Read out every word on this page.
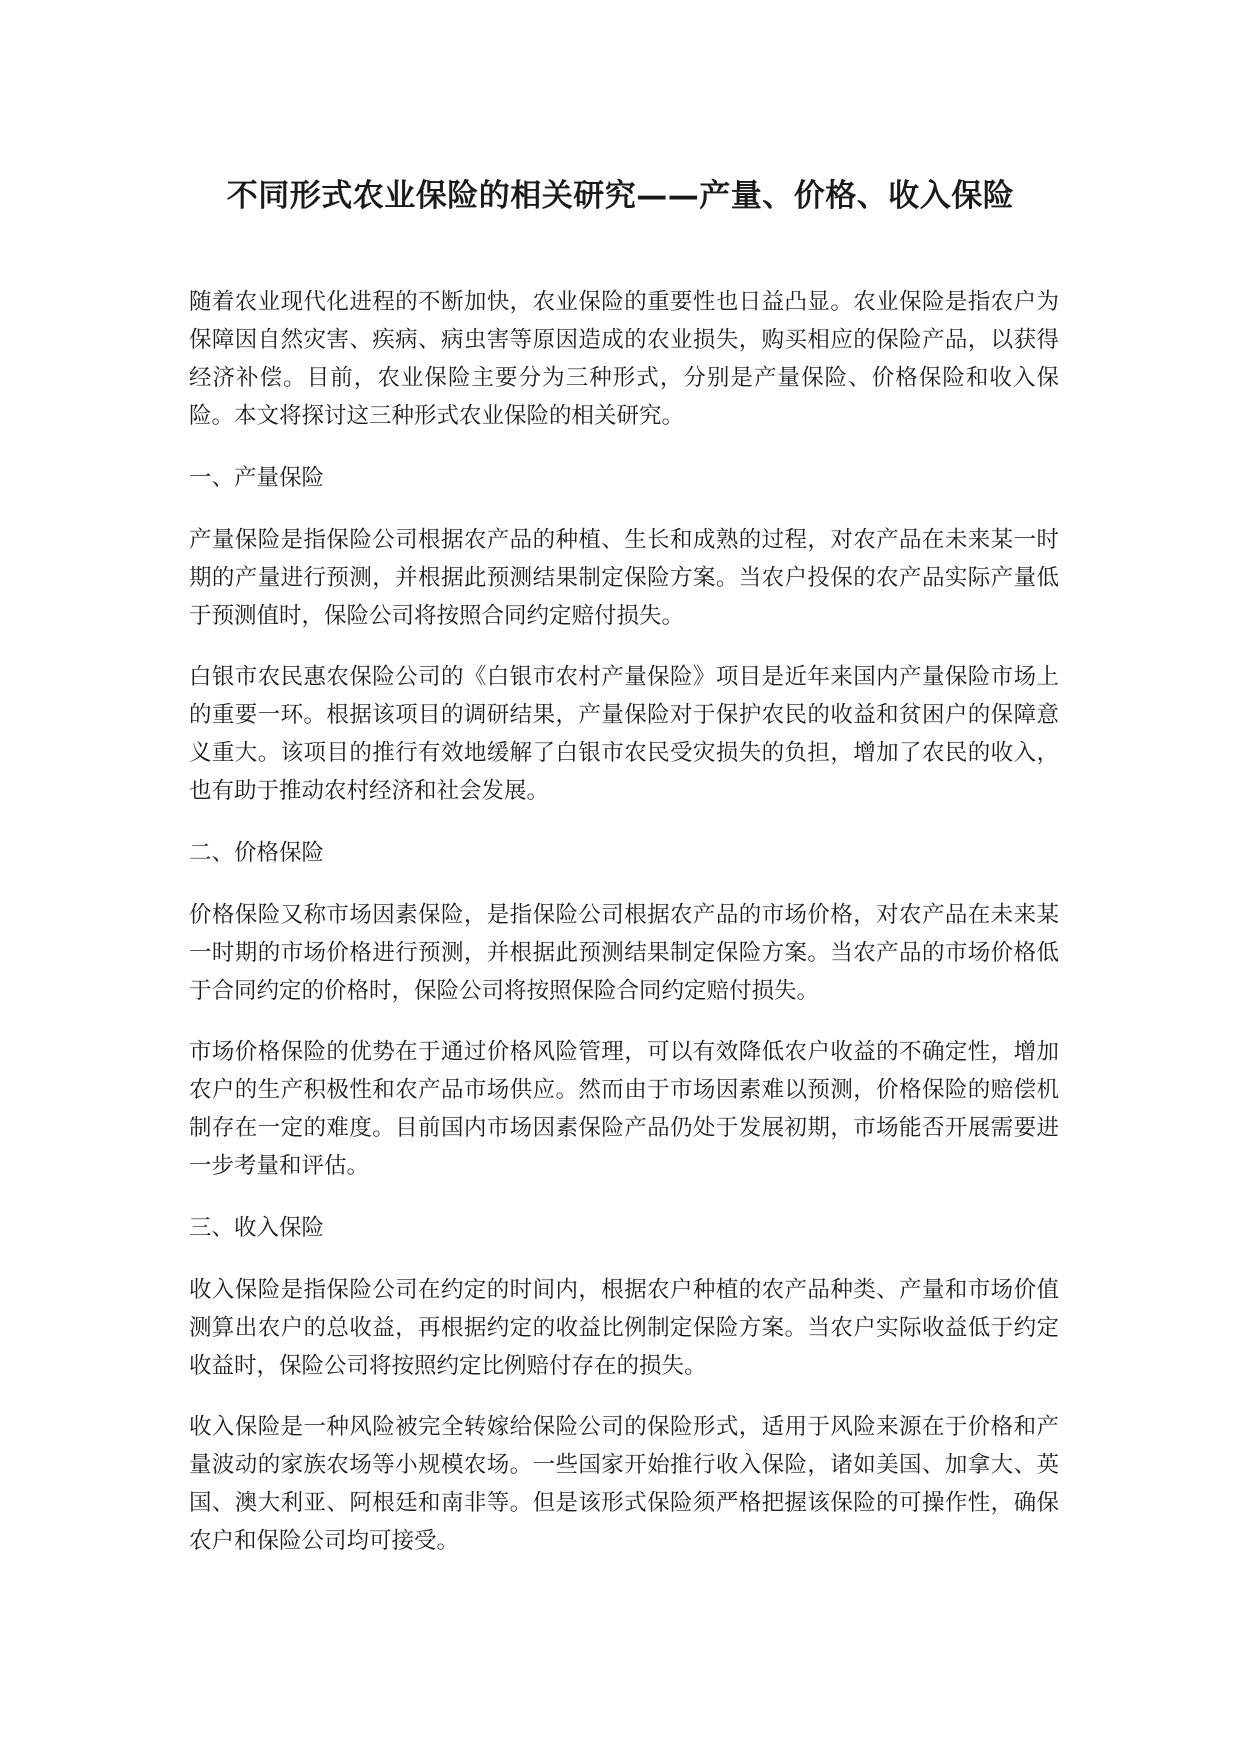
不同形式农业保险的相关研究——产量、价格、收入保险

随着农业现代化进程的不断加快，农业保险的重要性也日益凸显。农业保险是指农户为保障因自然灾害、疾病、病虫害等原因造成的农业损失，购买相应的保险产品，以获得经济补偿。目前，农业保险主要分为三种形式，分别是产量保险、价格保险和收入保险。本文将探讨这三种形式农业保险的相关研究。

一、产量保险

产量保险是指保险公司根据农产品的种植、生长和成熟的过程，对农产品在未来某一时期的产量进行预测，并根据此预测结果制定保险方案。当农户投保的农产品实际产量低于预测值时，保险公司将按照合同约定赔付损失。

白银市农民惠农保险公司的《白银市农村产量保险》项目是近年来国内产量保险市场上的重要一环。根据该项目的调研结果，产量保险对于保护农民的收益和贫困户的保障意义重大。该项目的推行有效地缓解了白银市农民受灾损失的负担，增加了农民的收入，也有助于推动农村经济和社会发展。

二、价格保险

价格保险又称市场因素保险，是指保险公司根据农产品的市场价格，对农产品在未来某一时期的市场价格进行预测，并根据此预测结果制定保险方案。当农产品的市场价格低于合同约定的价格时，保险公司将按照保险合同约定赔付损失。

市场价格保险的优势在于通过价格风险管理，可以有效降低农户收益的不确定性，增加农户的生产积极性和农产品市场供应。然而由于市场因素难以预测，价格保险的赔偿机制存在一定的难度。目前国内市场因素保险产品仍处于发展初期，市场能否开展需要进一步考量和评估。

三、收入保险

收入保险是指保险公司在约定的时间内，根据农户种植的农产品种类、产量和市场价值测算出农户的总收益，再根据约定的收益比例制定保险方案。当农户实际收益低于约定收益时，保险公司将按照约定比例赔付存在的损失。

收入保险是一种风险被完全转嫁给保险公司的保险形式，适用于风险来源在于价格和产量波动的家族农场等小规模农场。一些国家开始推行收入保险，诸如美国、加拿大、英国、澳大利亚、阿根廷和南非等。但是该形式保险须严格把握该保险的可操作性，确保农户和保险公司均可接受。
